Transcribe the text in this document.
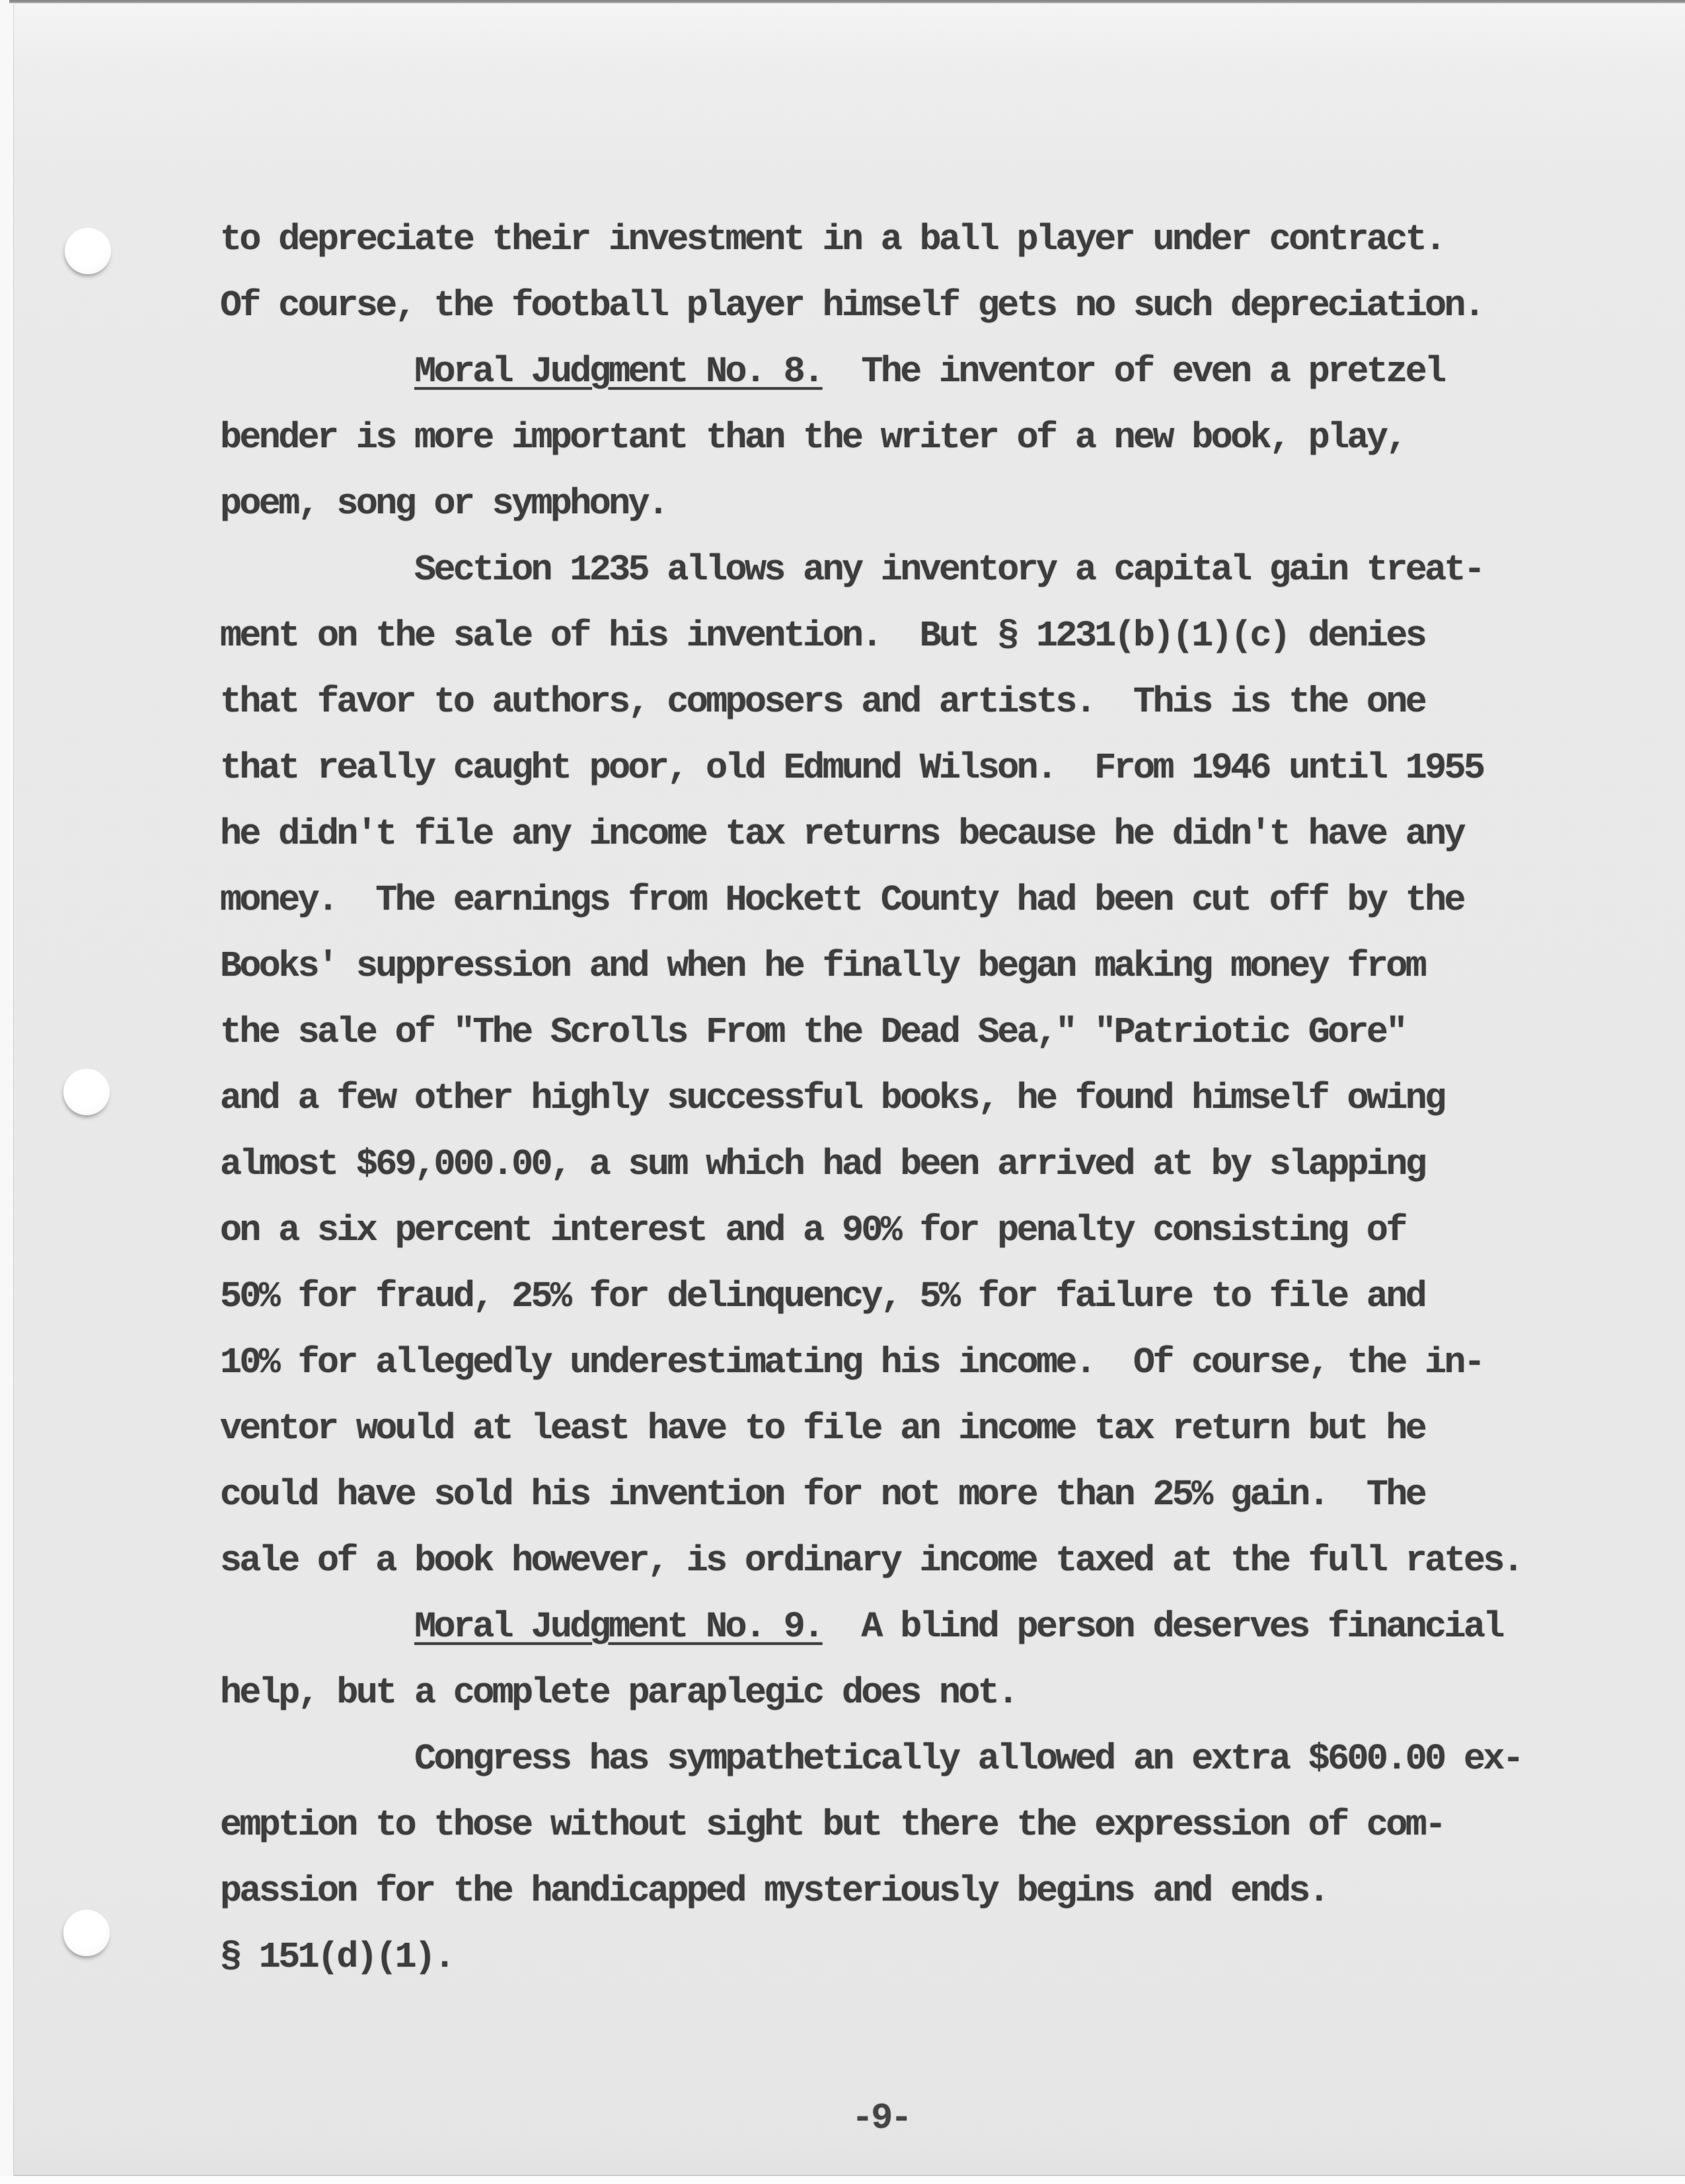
to depreciate their investment in a ball player under contract.
Of course, the football player himself gets no such depreciation.
Moral Judgment No. 8.  The inventor of even a pretzel
bender is more important than the writer of a new book, play,
poem, song or symphony.
Section 1235 allows any inventory a capital gain treat-
ment on the sale of his invention.  But § 1231(b)(1)(c) denies
that favor to authors, composers and artists.  This is the one
that really caught poor, old Edmund Wilson.  From 1946 until 1955
he didn't file any income tax returns because he didn't have any
money.  The earnings from Hockett County had been cut off by the
Books' suppression and when he finally began making money from
the sale of "The Scrolls From the Dead Sea," "Patriotic Gore"
and a few other highly successful books, he found himself owing
almost $69,000.00, a sum which had been arrived at by slapping
on a six percent interest and a 90% for penalty consisting of
50% for fraud, 25% for delinquency, 5% for failure to file and
10% for allegedly underestimating his income.  Of course, the in-
ventor would at least have to file an income tax return but he
could have sold his invention for not more than 25% gain.  The
sale of a book however, is ordinary income taxed at the full rates.
Moral Judgment No. 9.  A blind person deserves financial
help, but a complete paraplegic does not.
Congress has sympathetically allowed an extra $600.00 ex-
emption to those without sight but there the expression of com-
passion for the handicapped mysteriously begins and ends.
§ 151(d)(1).
-9-
